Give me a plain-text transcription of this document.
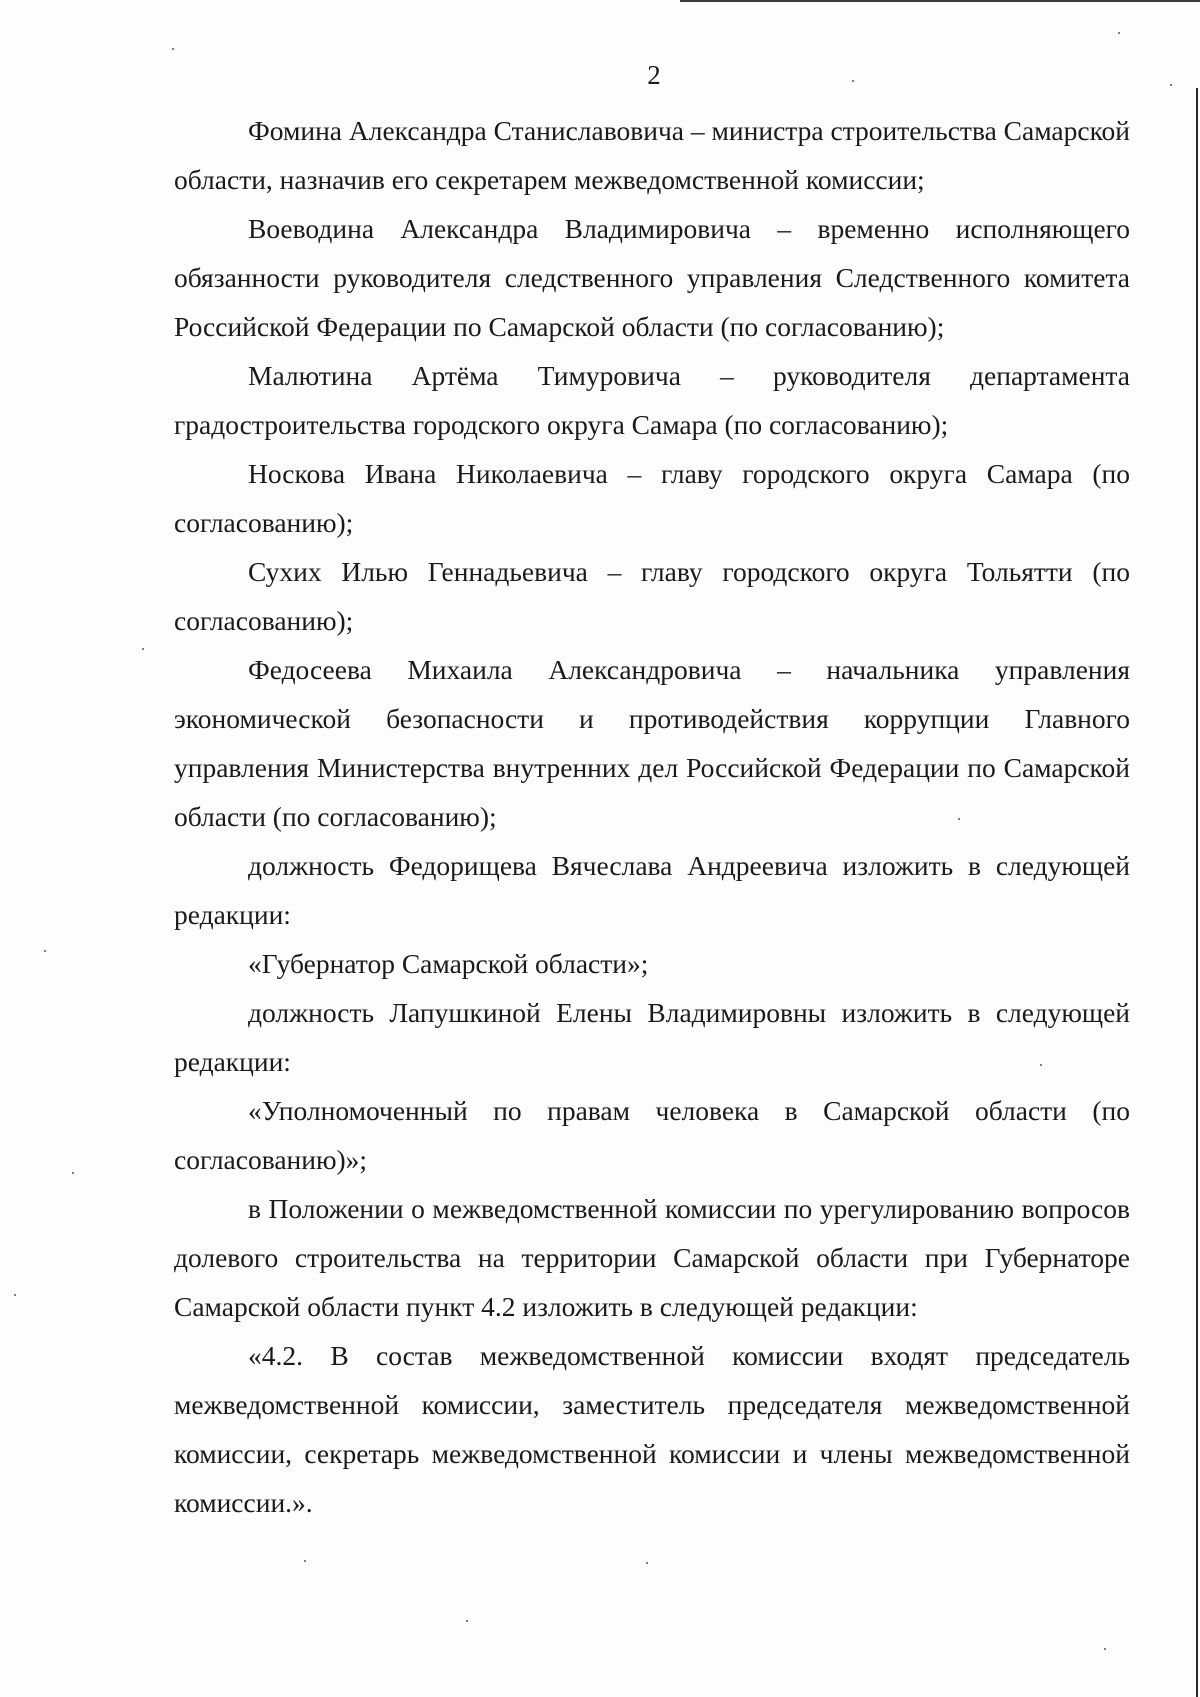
2

Фомина Александра Станиславовича – министра строительства Самарской области, назначив его секретарем межведомственной комиссии;

Воеводина Александра Владимировича – временно исполняющего обязанности руководителя следственного управления Следственного комитета Российской Федерации по Самарской области (по согласованию);

Малютина Артёма Тимуровича – руководителя департамента градостроительства городского округа Самара (по согласованию);

Носкова Ивана Николаевича – главу городского округа Самара (по согласованию);

Сухих Илью Геннадьевича – главу городского округа Тольятти (по согласованию);

Федосеева Михаила Александровича – начальника управления экономической безопасности и противодействия коррупции Главного управления Министерства внутренних дел Российской Федерации по Самарской области (по согласованию);

должность Федорищева Вячеслава Андреевича изложить в следующей редакции:

«Губернатор Самарской области»;

должность Лапушкиной Елены Владимировны изложить в следующей редакции:

«Уполномоченный по правам человека в Самарской области (по согласованию)»;

в Положении о межведомственной комиссии по урегулированию вопросов долевого строительства на территории Самарской области при Губернаторе Самарской области пункт 4.2 изложить в следующей редакции:

«4.2. В состав межведомственной комиссии входят председатель межведомственной комиссии, заместитель председателя межведомственной комиссии, секретарь межведомственной комиссии и члены межведомственной комиссии.».
